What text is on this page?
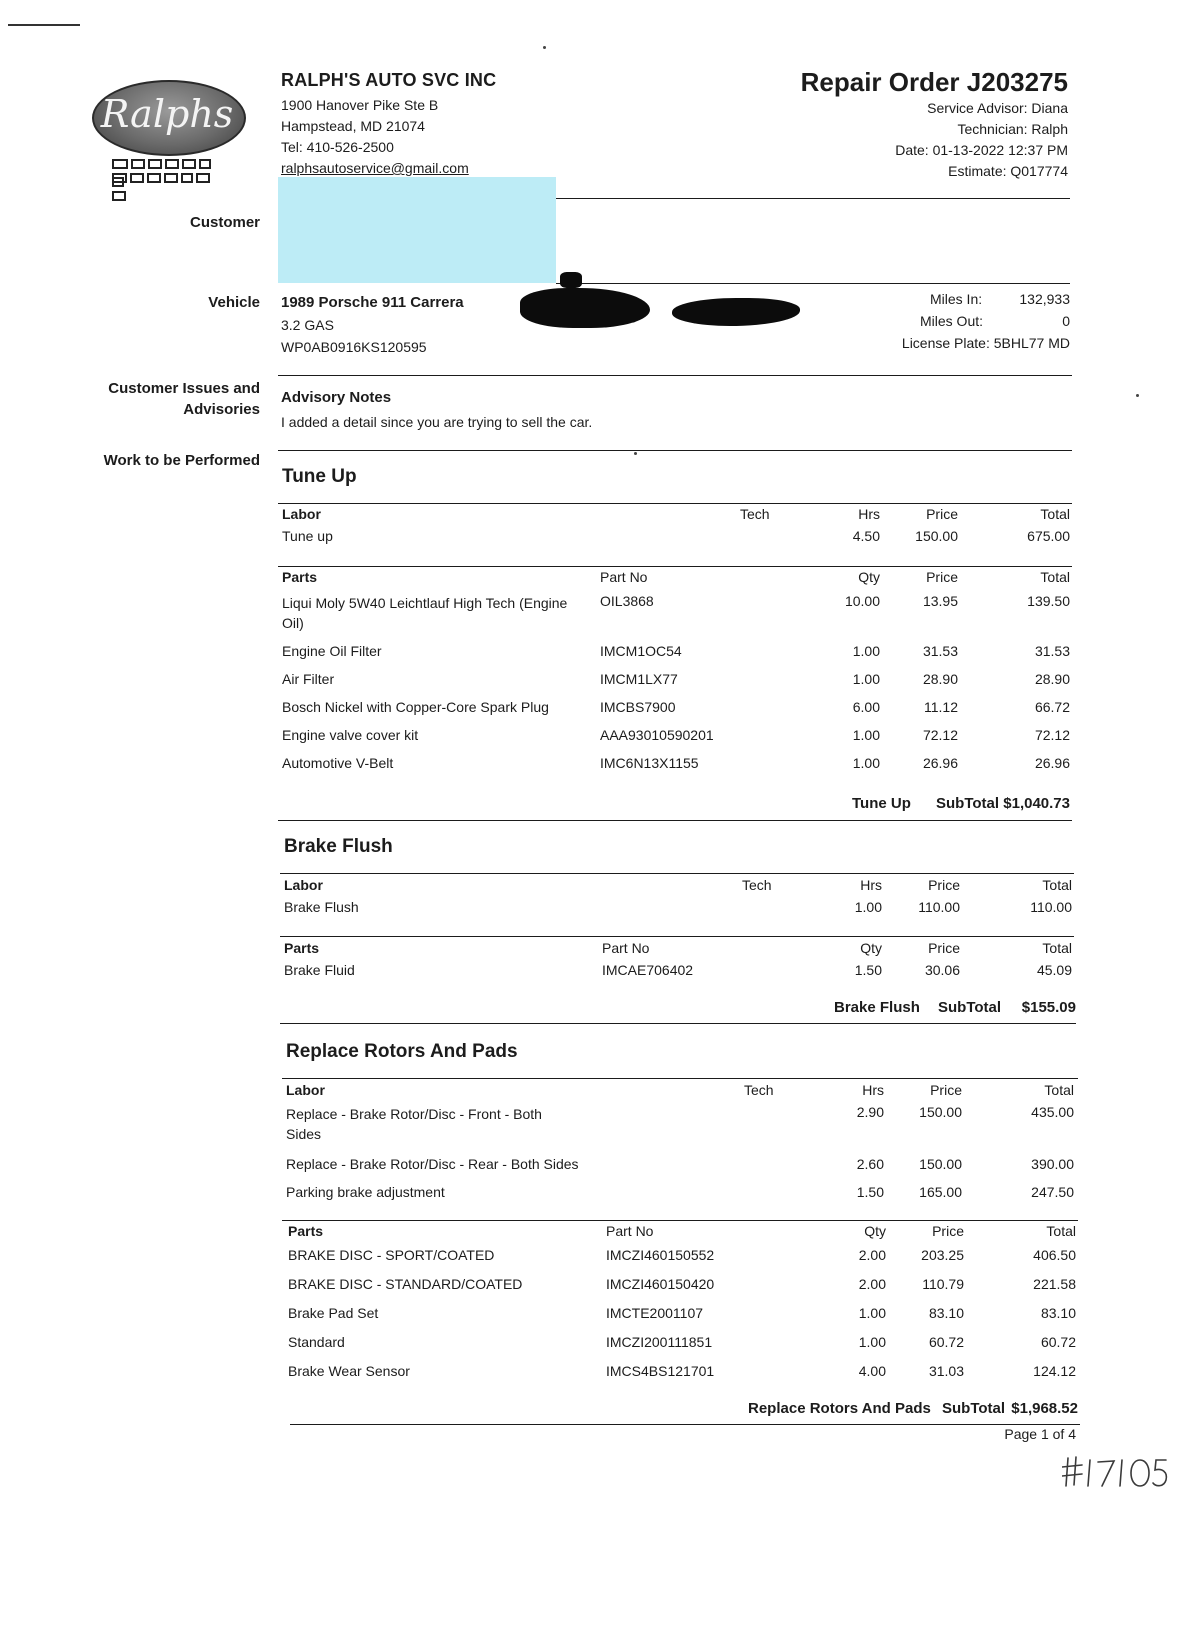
Ralphs
RALPH'S AUTO SVC INC
1900 Hanover Pike Ste B
Hampstead, MD 21074
Tel: 410-526-2500
ralphsautoservice@gmail.com
Repair Order J203275
Service Advisor: Diana
Technician: Ralph
Date: 01-13-2022 12:37 PM
Estimate: Q017774
Customer
Vehicle 1989 Porsche 911 Carrera
3.2 GAS
WP0AB0916KS120595
Miles In:	132,933
Miles Out:	0
License Plate: 5BHL77 MD
Customer Issues and
Advisories
Advisory Notes
I added a detail since you are trying to sell the car.
Work to be Performed
Tune Up
Labor	Tech	Hrs	Price	Total
Tune up	4.50	150.00	675.00
Parts	Part No	Qty	Price	Total
Liqui Moly 5W40 Leichtlauf High Tech (Engine Oil)
OIL3868	10.00	13.95	139.50
Engine Oil Filter	IMCM1OC54	1.00	31.53	31.53
Air Filter	IMCM1LX77	1.00	28.90	28.90
Bosch Nickel with Copper-Core Spark Plug	IMCBS7900	6.00	11.12	66.72
Engine valve cover kit	AAA93010590201	1.00	72.12	72.12
Automotive V-Belt	IMC6N13X1155	1.00	26.96	26.96
Tune Up SubTotal $1,040.73
Brake Flush
Labor	Tech	Hrs	Price	Total
Brake Flush	1.00	110.00	110.00
Parts	Part No	Qty	Price	Total
Brake Fluid	IMCAE706402	1.50	30.06	45.09
Brake Flush SubTotal	$155.09
Replace Rotors And Pads
Labor	Tech	Hrs	Price	Total
Replace - Brake Rotor/Disc - Front - Both Sides
2.90	150.00	435.00
Replace - Brake Rotor/Disc - Rear - Both Sides	2.60	150.00	390.00
Parking brake adjustment	1.50	165.00	247.50
Parts	Part No	Qty	Price	Total
BRAKE DISC - SPORT/COATED	IMCZI460150552	2.00	203.25	406.50
BRAKE DISC - STANDARD/COATED	IMCZI460150420	2.00	110.79	221.58
Brake Pad Set	IMCTE2001107	1.00	83.10	83.10
Standard	IMCZI200111851	1.00	60.72	60.72
Brake Wear Sensor	IMCS4BS121701	4.00	31.03	124.12
Replace Rotors And Pads SubTotal $1,968.52
Page 1 of 4
